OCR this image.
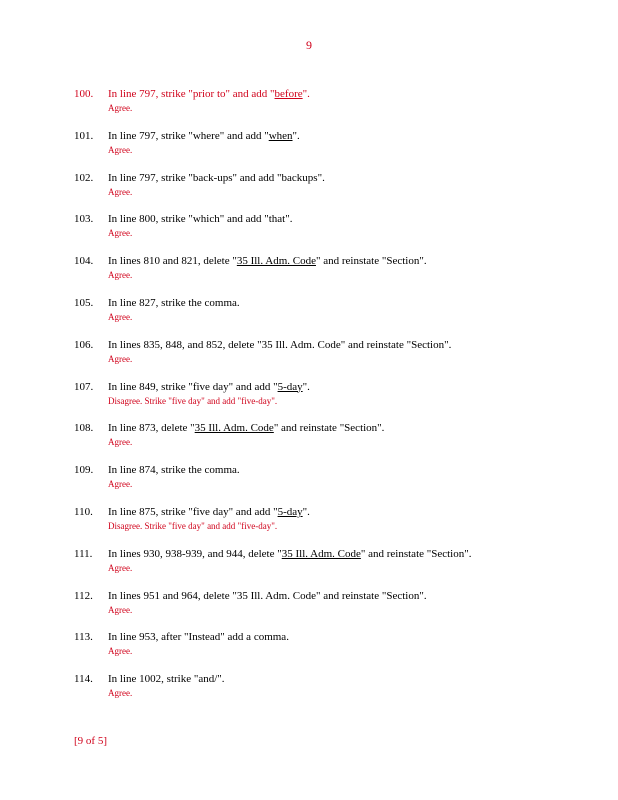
9
100. In line 797, strike "prior to" and add "before".
Agree.
101. In line 797, strike "where" and add "when".
Agree.
102. In line 797, strike "back-ups" and add "backups".
Agree.
103. In line 800, strike "which" and add "that".
Agree.
104. In lines 810 and 821, delete "35 Ill. Adm. Code" and reinstate "Section".
Agree.
105. In line 827, strike the comma.
Agree.
106. In lines 835, 848, and 852, delete "35 Ill. Adm. Code" and reinstate "Section".
Agree.
107. In line 849, strike "five day" and add "5-day".
Disagree. Strike "five day" and add "five-day".
108. In line 873, delete "35 Ill. Adm. Code" and reinstate "Section".
Agree.
109. In line 874, strike the comma.
Agree.
110. In line 875, strike "five day" and add "5-day".
Disagree. Strike "five day" and add "five-day".
111. In lines 930, 938-939, and 944, delete "35 Ill. Adm. Code" and reinstate "Section".
Agree.
112. In lines 951 and 964, delete "35 Ill. Adm. Code" and reinstate "Section".
Agree.
113. In line 953, after "Instead" add a comma.
Agree.
114. In line 1002, strike "and/".
Agree.
[9 of 5]
